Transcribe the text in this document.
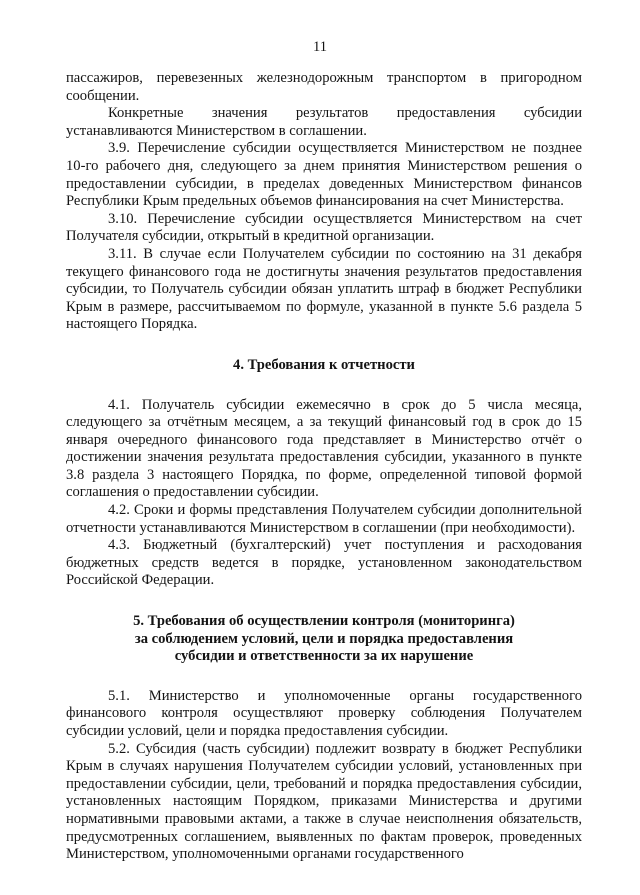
11

пассажиров, перевезенных железнодорожным транспортом в пригородном сообщении.

Конкретные значения результатов предоставления субсидии устанавливаются Министерством в соглашении.

3.9. Перечисление субсидии осуществляется Министерством не позднее 10-го рабочего дня, следующего за днем принятия Министерством решения о предоставлении субсидии, в пределах доведенных Министерством финансов Республики Крым предельных объемов финансирования на счет Министерства.

3.10. Перечисление субсидии осуществляется Министерством на счет Получателя субсидии, открытый в кредитной организации.

3.11. В случае если Получателем субсидии по состоянию на 31 декабря текущего финансового года не достигнуты значения результатов предоставления субсидии, то Получатель субсидии обязан уплатить штраф в бюджет Республики Крым в размере, рассчитываемом по формуле, указанной в пункте 5.6 раздела 5 настоящего Порядка.

4. Требования к отчетности

4.1. Получатель субсидии ежемесячно в срок до 5 числа месяца, следующего за отчётным месяцем, а за текущий финансовый год в срок до 15 января очередного финансового года представляет в Министерство отчёт о достижении значения результата предоставления субсидии, указанного в пункте 3.8 раздела 3 настоящего Порядка, по форме, определенной типовой формой соглашения о предоставлении субсидии.

4.2. Сроки и формы представления Получателем субсидии дополнительной отчетности устанавливаются Министерством в соглашении (при необходимости).

4.3. Бюджетный (бухгалтерский) учет поступления и расходования бюджетных средств ведется в порядке, установленном законодательством Российской Федерации.

5. Требования об осуществлении контроля (мониторинга)
за соблюдением условий, цели и порядка предоставления
субсидии и ответственности за их нарушение

5.1. Министерство и уполномоченные органы государственного финансового контроля осуществляют проверку соблюдения Получателем субсидии условий, цели и порядка предоставления субсидии.

5.2. Субсидия (часть субсидии) подлежит возврату в бюджет Республики Крым в случаях нарушения Получателем субсидии условий, установленных при предоставлении субсидии, цели, требований и порядка предоставления субсидии, установленных настоящим Порядком, приказами Министерства и другими нормативными правовыми актами, а также в случае неисполнения обязательств, предусмотренных соглашением, выявленных по фактам проверок, проведенных Министерством, уполномоченными органами государственного
